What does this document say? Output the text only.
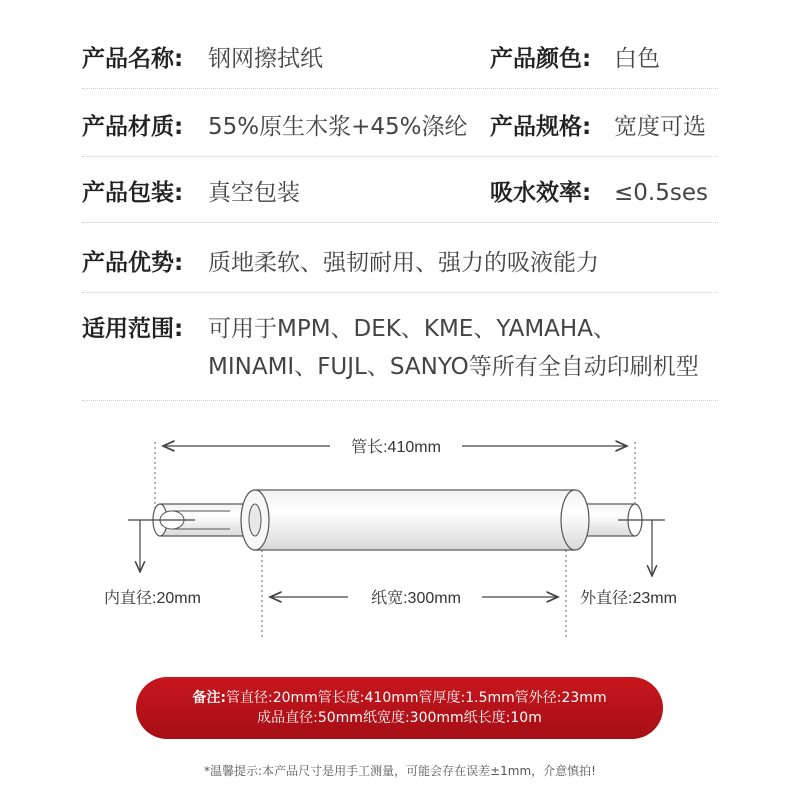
产品名称: 钢网擦拭纸	产品颜色: 白色
产品材质: 55%原生木浆+45%涤纶 产品规格: 宽度可选
产品包装: 真空包装	吸水效率: ≤0.5ses
产品优势: 质地柔软、强韧耐用、强力的吸液能力
适用范围: 可用于MPM、DEK、KME、YAMAHA、MINAMI、FUJL、SANYO等所有全自动印刷机型
管长:410mm
纸宽:300mm
内直径:20mm	外直径:23mm
备注:管直径:20mm管长度:410mm管厚度:1.5mm管外径:23mm
成品直径:50mm纸宽度:300mm纸长度:10m
*温馨提示:本产品尺寸是用手工测量，可能会存在误差±1mm，介意慎拍!
